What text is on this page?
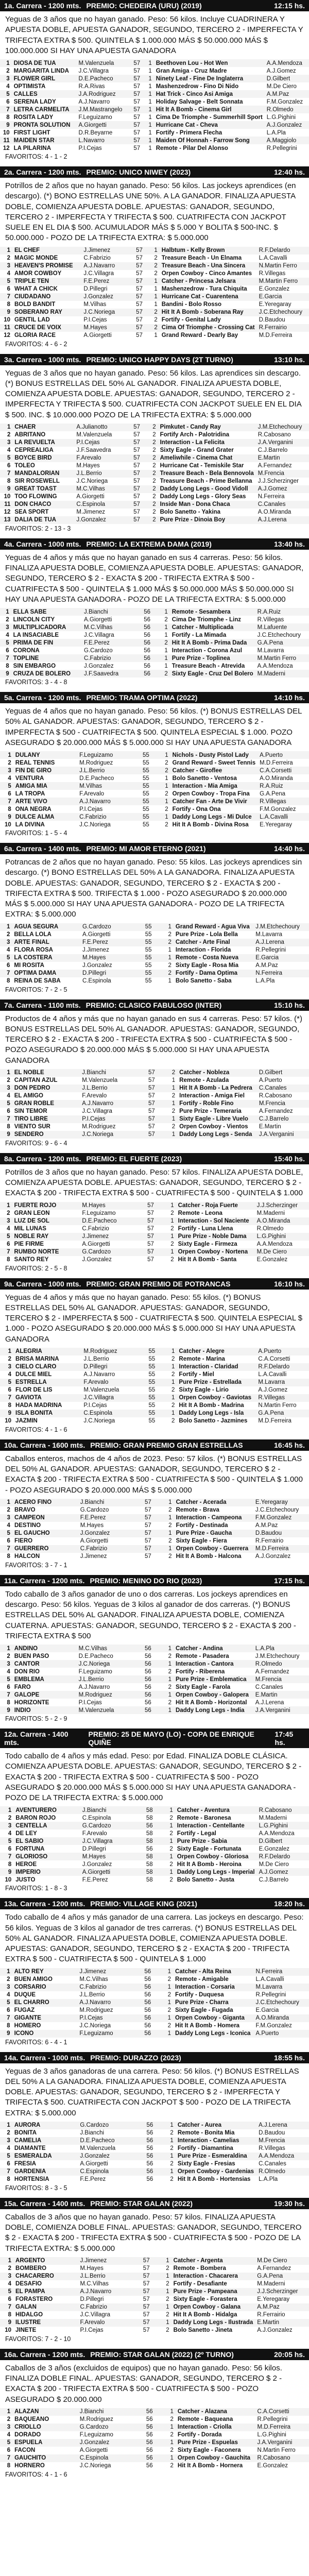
1a. Carrera - 1200 mts. PREMIO: CHEDEIRA (URU) (2019)	12:15 hs.
Yeguas de 3 años que no hayan ganado. Peso: 56 kilos. Incluye CUADRINERA Y APUESTA DOBLE, APUESTA GANADOR, SEGUNDO, TERCERO 2 - IMPERFECTA Y TRIFECTA EXTRA $ 500. QUINTELA $ 1.000.000 MÁS $ 50.000.000 MÁS $ 100.000.000 SI HAY UNA APUESTA GANADORA
1	DIOSA DE TUA	M.Valenzuela	57	1	Beethoven Lou - Hot Wen	A.A.Mendoza
2	MARGARITA LINDA	J.C.Villagra	57	1	Gran Amiga - Cruz Madre	A.J.Gomez
3	FLOWER GIRL	D.E.Pacheco	57	1	Ninety Leaf - Fine De Inglaterra	D.Gilbert
4	OPTIMISTA	R.A.Rivas	57	1	Mashenzedrow - Fino Di Nido	M.De Ciero
5	CALLES	J.A.Rodriguez	57	1	Hat Trick - Cinco Asi Amiga	A.M.Paz
6	SERENA LADY	A.J.Navarro	57	1	Holiday Salvage - Belt Sonnata	F.M.Gonzalez
7	LETRA CARMELITA	J.M.Mastrangelo	57	1	Hit It A Bomb - Cinema Girl	R.Olmedo
8	ROSITA LADY	F.Leguizamo	57	1	Cima De Triomphe - Summerhill Sport	L.G.Pighini
9	PRONTA SOLUTION	A.Giorgetti	57	1	Hurricane Cat - Cheva	A.J.Gonzalez
10	FIRST LIGHT	D.R.Beyarne	57	1	Fortify - Primera Flecha	L.A.Pla
11	MAIDEN STAR	L.Navarro	57	1	Maiden Of Honnah - Farrow Song	A.Maggiolo
12	LA PILARINA	P.I.Cejas	57	1	Remote - Pilar Del Alonso	R.Pellegrini
FAVORITOS: 4 - 1 - 2
2a. Carrera - 1200 mts. PREMIO: UNICO NIWEY (2023)	12:40 hs.
Potrillos de 2 años que no hayan ganado. Peso: 56 kilos. Las jockeys aprendices (en descargo). (*) BONO ESTRELLAS UNE 50%. A LA GANADOR. FINALIZA APUESTA DOBLE, COMIENZA APUESTA DOBLE. APUESTAS: GANADOR, SEGUNDO, TERCERO 2 - IMPERFECTA Y TRIFECTA $ 500. CUATRIFECTA CON JACKPOT SUELE EN EL DIA $ 500. ACUMULADOR MÁS $ 5.000 Y BOLITA $ 500-INC. $ 50.000.000 - POZO DE LA TRIFECTA EXTRA: $ 5.000.000
1	EL CHEF	J.Jimenez	57	1	Halbtum - Kelly Brown	R.F.Delardo
2	MAGIC MONDE	C.Fabrizio	57	2	Treasure Beach - Un Elnama	L.A.Cavalli
3	HEAVEN'S PROMISE	A.J.Navarro	57	2	Treasure Beach - Una Sincera	N.Martin Ferro
4	AMOR COWBOY	J.C.Villagra	57	2	Orpen Cowboy - Cinco Amantes	R.Villegas
5	TRIPLE TEN	F.E.Perez	57	1	Catcher - Princesa Jelsara	M.Martin Ferro
6	WHAT A CHICK	D.Pillegri	57	1	Mashenzedrow - Tura Chiquita	E.Gonzalez
7	CIUDADANO	J.Gonzalez	57	1	Hurricane Cat - Cuarentena	E.Garcia
8	BOLD BANDIT	M.Vilhas	57	1	Bandini - Bolo Rosso	E.Yeregaray
9	SOBERANO RAY	J.C.Noriega	57	2	Hit It A Bomb - Soberana Ray	J.C.Etchechoury
10	GENTIL LAD	P.I.Cejas	57	2	Fortify - Genital Lady	D.Baudou
11	CRUCE DE VOIX	M.Hayes	57	2	Cima Of Triomphe - Crossing Cat	R.Ferrairio
12	GLORIA RACE	A.Giorgetti	57	1	Grand Reward - Dearly Bay	M.D.Ferreira
FAVORITOS: 4 - 6 - 2
3a. Carrera - 1000 mts. PREMIO: UNICO HAPPY DAYS (2T TURNO)	13:10 hs.
Yeguas de 3 años que no hayan ganado. Peso: 56 kilos. Las aprendices sin descargo. (*) BONUS ESTRELLAS DEL 50% AL GANADOR. FINALIZA APUESTA DOBLE, COMIENZA APUESTA DOBLE. APUESTAS: GANADOR, SEGUNDO, TERCERO 2 - IMPERFECTA Y TRIFECTA $ 500. CUATRIFECTA CON JACKPOT SUELE EN EL DIA $ 500. INC. $ 10.000.000 POZO DE LA TRIFECTA EXTRA: $ 5.000.000
1	CHAER	A.Julianotto	57	2	Pimkutet - Candy Ray	J.M.Etchechoury
2	ABRITANO	M.Valenzuela	57	2	Fortify Arch - Palotridina	R.Cabosano
3	LA REVUELTA	P.I.Cejas	57	2	Interaction - La Felicita	J.A.Verganini
4	CEPREALIGA	J.F.Saavedra	57	2	Sixty Eagle - Grand Grater	C.J.Barrelo
5	BOYCE BIRD	F.Arevalo	57	2	Ameliwhile - Cinema Chat	E.Martin
6	TOLEO	M.Hayes	57	2	Hurricane Cat - Temiskile Star	A.Fernandez
7	MANDALORIAN	J.L.Berrio	57	2	Treasure Beach - Bela Bennovola	M.Frencia
8	SIR ROSEWELL	J.C.Noriega	57	2	Treasure Beach - Prime Bellanna	J.J.Scherzinger
9	GREAT TOAST	M.C.Vilhas	57	2	Daddy Long Legs - Good Vidoll	A.J.Gomez
10	TOO FLOWING	A.Giorgetti	57	2	Daddy Long Legs - Glory Seas	N.Ferreira
11	DON CHACO	C.Espinola	57	2	Inside Man - Dona Chaca	C.Canales
12	SEA SPORT	M.Jimenez	57	2	Bolo Sanetto - Yakina	A.O.Miranda
13	DALIA DE TUA	J.Gonzalez	57	2	Pure Prize - Dinoia Boy	A.J.Lerena
FAVORITOS: 2 - 13 - 3
4a. Carrera - 1000 mts. PREMIO: LA EXTREMA DAMA (2019)	13:40 hs.
Yeguas de 4 años y más que no hayan ganado en sus 4 carreras. Peso: 56 kilos. FINALIZA APUESTA DOBLE, COMIENZA APUESTA DOBLE. APUESTAS: GANADOR, SEGUNDO, TERCERO $ 2 - EXACTA $ 200 - TRIFECTA EXTRA $ 500 - CUATRIFECTA $ 500 - QUINTELA $ 1.000 MÁS $ 50.000.000 MÁS $ 50.000.000 SI HAY UNA APUESTA GANADORA - POZO DE LA TRIFECTA EXTRA: $ 5.000.000
1	ELLA SABE	J.Bianchi	56	1	Remote - Sesambera	R.A.Ruiz
2	LINCOLN CITY	A.Giorgetti	56	2	Cima De Triomphe - Linz	R.Villegas
3	MULTIPLICADORA	M.C.Vilhas	56	1	Catcher - Multiplicada	M.Lafuente
4	LA INSACIABLE	J.C.Villagra	56	1	Fortify - La Mimada	J.C.Etchechoury
5	PRIMA DE FIN	F.E.Perez	56	2	Hit It A Bomb - Prima Dada	G.A.Pena
6	CORONA	G.Cardozo	56	1	Interaction - Corona Azul	M.Lavarra
7	TOPLINE	C.Fabrizio	56	1	Pure Prize - Toplinea	M.Martin Ferro
8	SIN EMBARGO	J.Gonzalez	56	1	Treasure Beach - Atrevida	A.A.Mendoza
9	CRUZA DE BOLERO	J.F.Saavedra	56	2	Sixty Eagle - Cruz Del Bolero	M.Maderni
FAVORITOS: 3 - 4 - 8
5a. Carrera - 1200 mts. PREMIO: TRAMA OPTIMA (2022)	14:10 hs.
Yeguas de 4 años que no hayan ganado. Peso: 56 kilos. (*) BONUS ESTRELLAS DEL 50% AL GANADOR. APUESTAS: GANADOR, SEGUNDO, TERCERO $ 2 - IMPERFECTA $ 500 - CUATRIFECTA $ 500. QUINTELA ESPECIAL $ 1.000. POZO ASEGURADO $ 20.000.000 MÁS $ 5.000.000 SI HAY UNA APUESTA GANADORA
1	DULANY	F.Leguizamo	55	1	Nichols - Dusty Pistol Lady	A.Puerto
2	REAL TENNIS	M.Rodriguez	55	2	Grand Reward - Sweet Tennis	M.D.Ferreira
3	FIN DE GIRO	J.L.Berrio	55	2	Catcher - Giroflee	C.A.Corsetti
4	VENTURA	D.E.Pacheco	55	1	Bolo Sanetto - Ventosa	A.O.Miranda
5	AMIGA MIA	M.Vilhas	55	1	Interaction - Mia Amiga	R.A.Ruiz
6	LA TROPA	F.Arevalo	55	2	Orpen Cowboy - Tropa Fina	G.A.Pena
7	ARTE VIVO	A.J.Navarro	55	1	Catcher Fan - Arte De Vivir	R.Villegas
8	ONA NEGRA	P.I.Cejas	55	2	Fortify - Ona Ona	F.M.Gonzalez
9	DULCE ALMA	C.Fabrizio	55	1	Daddy Long Legs - Mi Dulce	L.A.Cavalli
10	LA DIVINA	J.C.Noriega	55	2	Hit It A Bomb - Divina Rosa	E.Yeregaray
FAVORITOS: 1 - 5 - 4
6a. Carrera - 1400 mts. PREMIO: MI AMOR ETERNO (2021)	14:40 hs.
Potrancas de 2 años que no hayan ganado. Peso: 55 kilos. Las jockeys aprendices sin descargo. (*) BONO ESTRELLAS DEL 50% A LA GANADORA. FINALIZA APUESTA DOBLE. APUESTAS: GANADOR, SEGUNDO, TERCERO $ 2 - EXACTA $ 200 - TRIFECTA EXTRA $ 500. TRIFECTA $ 1.000 - POZO ASEGURADO $ 20.000.000 MÁS $ 5.000.000 SI HAY UNA APUESTA GANADORA - POZO DE LA TRIFECTA EXTRA: $ 5.000.000
1	AGUA SEGURA	G.Cardozo	55	1	Grand Reward - Agua Viva	J.M.Etchechoury
2	BELLA LOLA	A.Giorgetti	55	2	Pure Prize - Lola Bella	M.Lavarra
3	ARTE FINAL	F.E.Perez	55	2	Catcher - Arte Final	A.J.Lerena
4	FLORA ROSA	J.Jimenez	55	1	Interaction - Florida	R.Pellegrini
5	LA COSTERA	M.Hayes	55	1	Remote - Costa Nueva	E.Garcia
6	MI ROSITA	J.Gonzalez	55	2	Sixty Eagle - Rosa Mia	A.M.Paz
7	OPTIMA DAMA	D.Pillegri	55	2	Fortify - Dama Optima	N.Ferreira
8	REINA DE SABA	C.Espinola	55	1	Bolo Sanetto - Saba	L.A.Pla
FAVORITOS: 7 - 2 - 5
7a. Carrera - 1100 mts. PREMIO: CLASICO FABULOSO (INTER)	15:10 hs.
Productos de 4 años y más que no hayan ganado en sus 4 carreras. Peso: 57 kilos. (*) BONUS ESTRELLAS DEL 50% AL GANADOR. APUESTAS: GANADOR, SEGUNDO, TERCERO $ 2 - EXACTA $ 200 - TRIFECTA EXTRA $ 500 - CUATRIFECTA $ 500 - POZO ASEGURADO $ 20.000.000 MÁS $ 5.000.000 SI HAY UNA APUESTA GANADORA
1	EL NOBLE	J.Bianchi	57	2	Catcher - Nobleza	D.Gilbert
2	CAPITAN AZUL	M.Valenzuela	57	1	Remote - Azulada	A.Puerto
3	DON PEDRO	J.L.Berrio	57	1	Hit It A Bomb - La Pedrera	C.Canales
4	EL AMIGO	F.Arevalo	57	2	Interaction - Amiga Fiel	R.Cabosano
5	GRAN ROBLE	A.J.Navarro	57	1	Fortify - Roble Fino	M.Frencia
6	SIN TEMOR	J.C.Villagra	57	2	Pure Prize - Temeraria	A.Fernandez
7	TIRO LIBRE	P.I.Cejas	57	1	Sixty Eagle - Libre Vuelo	C.J.Barrelo
8	VIENTO SUR	M.Rodriguez	57	2	Orpen Cowboy - Vientos	E.Martin
9	SENDERO	J.C.Noriega	57	1	Daddy Long Legs - Senda	J.A.Verganini
FAVORITOS: 9 - 6 - 4
8a. Carrera - 1200 mts. PREMIO: EL FUERTE (2023)	15:40 hs.
Potrillos de 3 años que no hayan ganado. Peso: 57 kilos. FINALIZA APUESTA DOBLE, COMIENZA APUESTA DOBLE. APUESTAS: GANADOR, SEGUNDO, TERCERO $ 2 - EXACTA $ 200 - TRIFECTA EXTRA $ 500 - CUATRIFECTA $ 500 - QUINTELA $ 1.000
1	FUERTE ROJO	M.Hayes	57	1	Catcher - Roja Fuerte	J.J.Scherzinger
2	GRAN LEON	F.Leguizamo	57	2	Remote - Leona	M.Maderni
3	LUZ DE SOL	D.E.Pacheco	57	1	Interaction - Sol Naciente	A.O.Miranda
4	MIL LUNAS	C.Fabrizio	57	2	Fortify - Luna Llena	R.Olmedo
5	NOBLE RAY	J.Jimenez	57	1	Pure Prize - Noble Dama	L.G.Pighini
6	PIE FIRME	A.Giorgetti	57	2	Sixty Eagle - Firmeza	A.A.Mendoza
7	RUMBO NORTE	G.Cardozo	57	1	Orpen Cowboy - Nortena	M.De Ciero
8	SANTO REY	J.Gonzalez	57	2	Hit It A Bomb - Santa	E.Gonzalez
FAVORITOS: 2 - 5 - 8
9a. Carrera - 1000 mts. PREMIO: GRAN PREMIO DE POTRANCAS	16:10 hs.
Yeguas de 4 años y más que no hayan ganado. Peso: 55 kilos. (*) BONUS ESTRELLAS DEL 50% AL GANADOR. APUESTAS: GANADOR, SEGUNDO, TERCERO $ 2 - IMPERFECTA $ 500 - CUATRIFECTA $ 500. QUINTELA ESPECIAL $ 1.000 - POZO ASEGURADO $ 20.000.000 MÁS $ 5.000.000 SI HAY UNA APUESTA GANADORA
1	ALEGRIA	M.Rodriguez	55	1	Catcher - Alegre	A.Puerto
2	BRISA MARINA	J.L.Berrio	55	2	Remote - Marina	C.A.Corsetti
3	CIELO CLARO	D.Pillegri	55	1	Interaction - Claridad	R.F.Delardo
4	DULCE MIEL	A.J.Navarro	55	2	Fortify - Miel	L.A.Cavalli
5	ESTRELLA	F.Arevalo	55	1	Pure Prize - Estrellada	M.Lavarra
6	FLOR DE LIS	M.Valenzuela	55	2	Sixty Eagle - Lirio	A.J.Gomez
7	GAVIOTA	J.C.Villagra	55	1	Orpen Cowboy - Gaviotas	R.Villegas
8	HADA MADRINA	P.I.Cejas	55	2	Hit It A Bomb - Madrina	N.Martin Ferro
9	ISLA BONITA	C.Espinola	55	1	Daddy Long Legs - Isla	G.A.Pena
10	JAZMIN	J.C.Noriega	55	2	Bolo Sanetto - Jazmines	M.D.Ferreira
FAVORITOS: 4 - 1 - 6
10a. Carrera - 1600 mts. PREMIO: GRAN PREMIO GRAN ESTRELLAS	16:45 hs.
Caballos enteros, machos de 4 años de 2023. Peso: 57 kilos. (*) BONUS ESTRELLAS DEL 50% AL GANADOR. APUESTAS: GANADOR, SEGUNDO, TERCERO $ 2 - EXACTA $ 200 - TRIFECTA EXTRA $ 500 - CUATRIFECTA $ 500 - QUINTELA $ 1.000 - POZO ASEGURADO $ 20.000.000 MÁS $ 5.000.000
1	ACERO FINO	J.Bianchi	57	1	Catcher - Acerada	E.Yeregaray
2	BRAVO	G.Cardozo	57	2	Remote - Brava	J.C.Etchechoury
3	CAMPEON	F.E.Perez	57	1	Interaction - Campeona	F.M.Gonzalez
4	DESTINO	M.Hayes	57	2	Fortify - Destinada	A.M.Paz
5	EL GAUCHO	J.Gonzalez	57	1	Pure Prize - Gaucha	D.Baudou
6	FIERO	A.Giorgetti	57	2	Sixty Eagle - Fiera	R.Ferrairio
7	GUERRERO	C.Fabrizio	57	1	Orpen Cowboy - Guerrera	M.D.Ferreira
8	HALCON	J.Jimenez	57	2	Hit It A Bomb - Halcona	A.J.Gonzalez
FAVORITOS: 3 - 7 - 1
11a. Carrera - 1200 mts. PREMIO: MENINO DO RIO (2023)	17:15 hs.
Todo caballo de 3 años ganador de uno o dos carreras. Los jockeys aprendices en descargo. Peso: 56 kilos. Yeguas de 3 kilos al ganador de dos carreras. (*) BONUS ESTRELLAS DEL 50% AL GANADOR. FINALIZA APUESTA DOBLE, COMIENZA CUATERNA. APUESTAS: GANADOR, SEGUNDO, TERCERO $ 2 - EXACTA $ 200 - TRIFECTA EXTRA $ 500
1	ANDINO	M.C.Vilhas	56	1	Catcher - Andina	L.A.Pla
2	BUEN PASO	D.E.Pacheco	56	2	Remote - Pasadera	J.M.Etchechoury
3	CANTOR	J.C.Noriega	56	1	Interaction - Cantora	R.Olmedo
4	DON RIO	F.Leguizamo	56	2	Fortify - Riberena	A.Fernandez
5	EMBLEMA	J.L.Berrio	56	1	Pure Prize - Emblematica	M.Frencia
6	FARO	A.J.Navarro	56	2	Sixty Eagle - Farola	C.Canales
7	GALOPE	M.Rodriguez	56	1	Orpen Cowboy - Galopera	E.Martin
8	HORIZONTE	P.I.Cejas	56	2	Hit It A Bomb - Horizontal	A.J.Lerena
9	INDIO	M.Valenzuela	56	1	Daddy Long Legs - India	J.A.Verganini
FAVORITOS: 5 - 2 - 9
12a. Carrera - 1400 mts.
PREMIO: 25 DE MAYO (LO) - COPA DE ENRIQUE QUIÑE
17:45 hs.
Todo caballo de 4 años y más edad. Peso: por Edad. FINALIZA DOBLE CLÁSICA. COMIENZA APUESTA DOBLE. APUESTAS: GANADOR, SEGUNDO, TERCERO $ 2 - EXACTA $ 200 - TRIFECTA EXTRA $ 500 - CUATRIFECTA $ 500 - POZO ASEGURADO $ 20.000.000 MÁS $ 5.000.000 SI HAY UNA APUESTA GANADORA - POZO DE LA TRIFECTA EXTRA: $ 5.000.000
1	AVENTURERO	J.Bianchi	58	1	Catcher - Aventura	R.Cabosano
2	BARON ROJO	C.Espinola	58	2	Remote - Baronesa	M.Maderni
3	CENTELLA	G.Cardozo	56	1	Interaction - Centellante	L.G.Pighini
4	DE LEY	F.Arevalo	58	2	Fortify - Legal	A.A.Mendoza
5	EL SABIO	J.C.Villagra	58	1	Pure Prize - Sabia	D.Gilbert
6	FORTUNA	D.Pillegri	56	2	Sixty Eagle - Fortunata	E.Gonzalez
7	GLORIOSO	M.Hayes	58	1	Orpen Cowboy - Gloriosa	R.F.Delardo
8	HEROE	J.Gonzalez	58	2	Hit It A Bomb - Heroina	M.De Ciero
9	IMPERIO	A.Giorgetti	58	1	Daddy Long Legs - Imperial	A.J.Gomez
10	JUSTO	F.E.Perez	58	2	Bolo Sanetto - Justa	C.J.Barrelo
FAVORITOS: 1 - 8 - 3
13a. Carrera - 1200 mts. PREMIO: VILLAGE KING (2021)	18:20 hs.
Todo caballo de 4 años y más ganador de una carrera. Las jockeys en descargo. Peso: 56 kilos. Yeguas de 3 kilos al ganador de tres carreras. (*) BONUS ESTRELLAS DEL 50% AL GANADOR. FINALIZA APUESTA DOBLE, COMIENZA APUESTA DOBLE. APUESTAS: GANADOR, SEGUNDO, TERCERO $ 2 - EXACTA $ 200 - TRIFECTA EXTRA $ 500 - CUATRIFECTA $ 500 - QUINTELA $ 1.000
1	ALTO REY	J.Jimenez	56	1	Catcher - Alta Reina	N.Ferreira
2	BUEN AMIGO	M.C.Vilhas	56	2	Remote - Amigable	L.A.Cavalli
3	CORSARIO	C.Fabrizio	56	1	Interaction - Corsaria	M.Lavarra
4	DUQUE	J.L.Berrio	56	2	Fortify - Duquesa	R.Pellegrini
5	EL CHARRO	A.J.Navarro	56	1	Pure Prize - Charra	J.C.Etchechoury
6	FUGAZ	M.Rodriguez	56	2	Sixty Eagle - Fugada	E.Garcia
7	GIGANTE	P.I.Cejas	56	1	Orpen Cowboy - Giganta	A.O.Miranda
8	HOMERO	J.C.Noriega	56	2	Hit It A Bomb - Homera	F.M.Gonzalez
9	ICONO	F.Leguizamo	56	1	Daddy Long Legs - Iconica	A.Puerto
FAVORITOS: 6 - 4 - 1
14a. Carrera - 1000 mts. PREMIO: DURAZZO (2023)	18:55 hs.
Yeguas de 3 años ganadoras de una carrera. Peso: 56 kilos. (*) BONUS ESTRELLAS DEL 50% A LA GANADORA. FINALIZA APUESTA DOBLE, COMIENZA APUESTA DOBLE. APUESTAS: GANADOR, SEGUNDO, TERCERO $ 2 - IMPERFECTA Y TRIFECTA $ 500. CUATRIFECTA CON JACKPOT $ 500 - POZO DE LA TRIFECTA EXTRA: $ 5.000.000
1	AURORA	G.Cardozo	56	1	Catcher - Aurea	A.J.Lerena
2	BONITA	J.Bianchi	56	2	Remote - Bonita Mia	D.Baudou
3	CAMELIA	D.E.Pacheco	56	1	Interaction - Camelias	M.Frencia
4	DIAMANTE	M.Valenzuela	56	2	Fortify - Diamantina	R.Villegas
5	ESMERALDA	J.Gonzalez	56	1	Pure Prize - Esmeraldina	A.A.Mendoza
6	FRESIA	A.Giorgetti	56	2	Sixty Eagle - Fresias	C.Canales
7	GARDENIA	C.Espinola	56	1	Orpen Cowboy - Gardenias	R.Olmedo
8	HORTENSIA	F.E.Perez	56	2	Hit It A Bomb - Hortensias	L.A.Pla
FAVORITOS: 8 - 3 - 5
15a. Carrera - 1400 mts. PREMIO: STAR GALAN (2022)	19:30 hs.
Caballos de 3 años que no hayan ganado. Peso: 57 kilos. FINALIZA APUESTA DOBLE, COMIENZA DOBLE FINAL. APUESTAS: GANADOR, SEGUNDO, TERCERO $ 2 - EXACTA $ 200 - TRIFECTA EXTRA $ 500 - CUATRIFECTA $ 500 - POZO DE LA TRIFECTA EXTRA: $ 5.000.000
1	ARGENTO	J.Jimenez	57	1	Catcher - Argenta	M.De Ciero
2	BOMBERO	M.Hayes	57	2	Remote - Bombera	A.Fernandez
3	CHACARERO	J.L.Berrio	57	1	Interaction - Chacarera	G.A.Pena
4	DESAFIO	M.C.Vilhas	57	2	Fortify - Desafiante	M.Maderni
5	EL PAMPA	A.J.Navarro	57	1	Pure Prize - Pampeana	J.J.Scherzinger
6	FORASTERO	D.Pillegri	57	2	Sixty Eagle - Forastera	E.Yeregaray
7	GALAN	C.Fabrizio	57	1	Orpen Cowboy - Galana	A.M.Paz
8	HIDALGO	J.C.Villagra	57	2	Hit It A Bomb - Hidalga	R.Ferrairio
9	ILUSTRE	F.Arevalo	57	1	Daddy Long Legs - Ilustrada	E.Martin
10	JINETE	P.I.Cejas	57	2	Bolo Sanetto - Jineta	A.J.Gonzalez
FAVORITOS: 7 - 2 - 10
16a. Carrera - 1200 mts. PREMIO: STAR GALAN (2022) (2º TURNO)	20:05 hs.
Caballos de 3 años (excluidos de equipos) que no hayan ganado. Peso: 56 kilos. FINALIZA DOBLE FINAL. APUESTAS: GANADOR, SEGUNDO, TERCERO $ 2 - EXACTA $ 200 - TRIFECTA EXTRA $ 500 - CUATRIFECTA $ 500 - POZO ASEGURADO $ 20.000.000
1	ALAZAN	J.Bianchi	56	1	Catcher - Alazana	C.A.Corsetti
2	BAQUEANO	M.Rodriguez	56	2	Remote - Baqueana	R.Pellegrini
3	CRIOLLO	G.Cardozo	56	1	Interaction - Criolla	M.D.Ferreira
4	DORADO	F.Leguizamo	56	2	Fortify - Dorada	L.G.Pighini
5	ESPUELA	J.Gonzalez	56	1	Pure Prize - Espuelas	J.A.Verganini
6	FACON	A.Giorgetti	56	2	Sixty Eagle - Faconera	N.Martin Ferro
7	GAUCHITO	C.Espinola	56	1	Orpen Cowboy - Gauchita	R.Cabosano
8	HORNERO	J.C.Noriega	56	2	Hit It A Bomb - Hornera	E.Gonzalez
FAVORITOS: 4 - 1 - 6
